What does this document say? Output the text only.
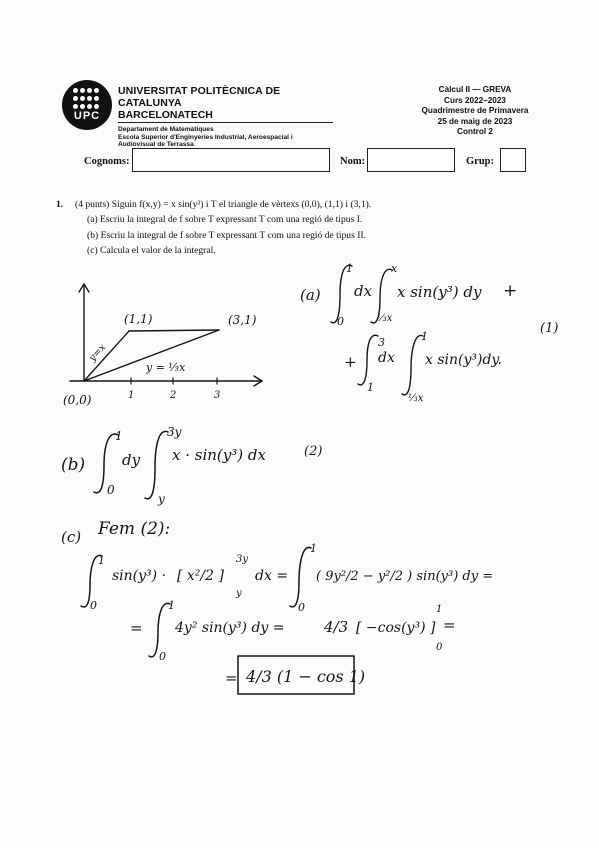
UPC
UNIVERSITAT POLITÈCNICA DE CATALUNYA
BARCELONATECH
Departament de Matemàtiques
Escola Superior d'Enginyeries Industrial, Aeroespacial i
Audiovisual de Terrassa
Càlcul II — GREVA
Curs 2022–2023
Quadrimestre de Primavera
25 de maig de 2023
Control 2
Cognoms:	Nom:	Grup:
1. (4 punts) Siguin f(x,y) = x sin(y³) i T el triangle de vèrtexs (0,0), (1,1) i (3,1).
(a) Escriu la integral de f sobre T expressant T com una regió de tipus I.
(b) Escriu la integral de f sobre T expressant T com una regió de tipus II.
(c) Calcula el valor de la integral.
(1,1)	(3,1)
(0,0)
y=x
y = ⅓x
1	2	3
(a)
1
0
dx
x
⅓x
x sin(y³) dy +
+
3
1
dx
1
⅓x
x sin(y³)dy.
(1)
(b)
1
0
dy
3y
y
x · sin(y³) dx	(2)
(c) Fem (2):
1
0
sin(y³) · [ x²/2 ]
3y
y
dx =
1
0
( 9y²/2 − y²/2 ) sin(y³) dy =
=
1
0
4y² sin(y³) dy =	4/3 [ −cos(y³) ]
1
0
=
= 4/3 (1 − cos 1)
